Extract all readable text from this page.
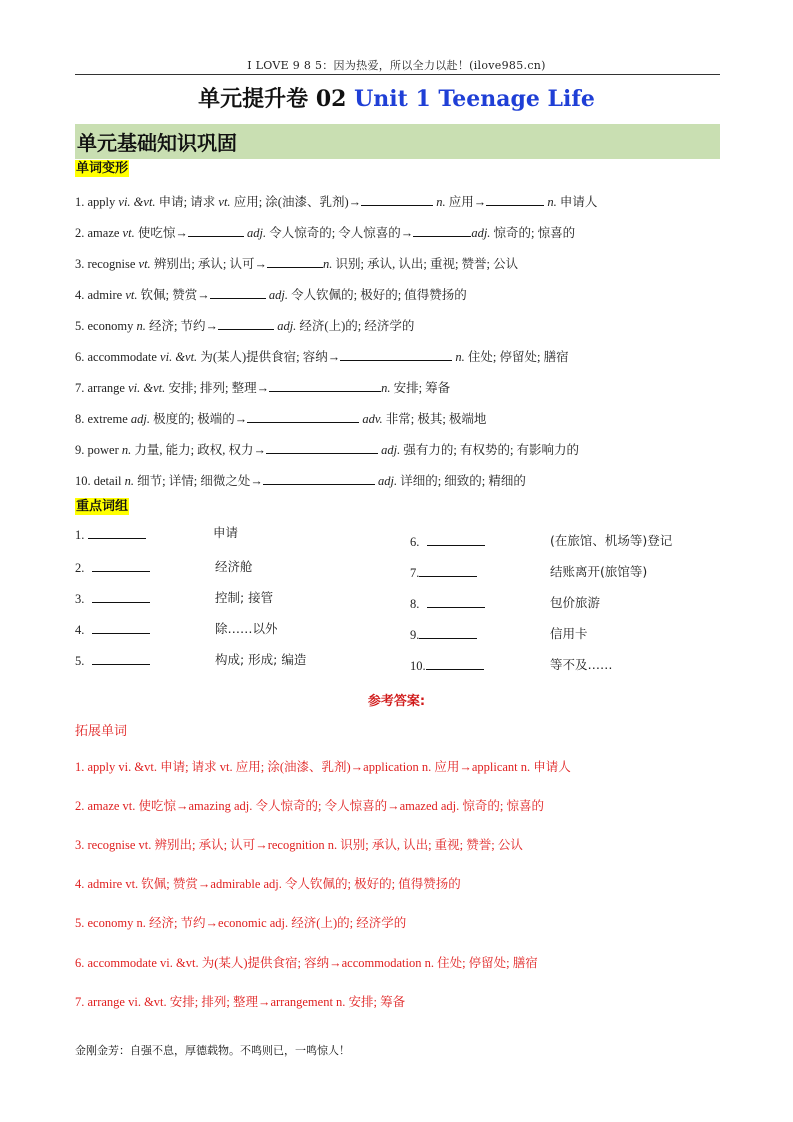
I LOVE 9 8 5：因为热爱，所以全力以赴！(ilove985.cn)
单元提升卷 02 Unit 1 Teenage Life
单元基础知识巩固
单词变形
1. apply vi. &vt. 申请; 请求 vt. 应用; 涂(油漆、乳剂)→	n. 应用→	n. 申请人
2. amaze vt. 使吃惊→	adj. 令人惊奇的; 令人惊喜的→	adj. 惊奇的; 惊喜的
3. recognise vt. 辨别出; 承认; 认可→	n. 识别; 承认, 认出; 重视; 赞誉; 公认
4. admire vt. 钦佩; 赞赏→	adj. 令人钦佩的; 极好的; 值得赞扬的
5. economy n. 经济; 节约→	adj. 经济(上)的; 经济学的
6. accommodate vi. &vt. 为(某人)提供食宿; 容纳→	n. 住处; 停留处; 膳宿
7. arrange vi. &vt. 安排; 排列; 整理→	n. 安排; 筹备
8. extreme adj. 极度的; 极端的→	adv. 非常; 极其; 极端地
9. power n. 力量, 能力; 政权, 权力→	adj. 强有力的; 有权势的; 有影响力的
10. detail n. 细节; 详情; 细微之处→	adj. 详细的; 细致的; 精细的
重点词组
1.	申请
2.	经济舱
3.	控制; 接管
4.	除……以外
5.	构成; 形成; 编造
6.	(在旅馆、机场等)登记
7.	结账离开(旅馆等)
8.	包价旅游
9.	信用卡
10.	等不及……
参考答案:
拓展单词
1. apply vi. &vt. 申请; 请求 vt. 应用; 涂(油漆、乳剂)→application n. 应用→applicant n. 申请人
2. amaze vt. 使吃惊→amazing adj. 令人惊奇的; 令人惊喜的→amazed adj. 惊奇的; 惊喜的
3. recognise vt. 辨别出; 承认; 认可→recognition n. 识别; 承认, 认出; 重视; 赞誉; 公认
4. admire vt. 钦佩; 赞赏→admirable adj. 令人钦佩的; 极好的; 值得赞扬的
5. economy n. 经济; 节约→economic adj. 经济(上)的; 经济学的
6. accommodate vi. &vt. 为(某人)提供食宿; 容纳→accommodation n. 住处; 停留处; 膳宿
7. arrange vi. &vt. 安排; 排列; 整理→arrangement n. 安排; 筹备
金刚金芳：自强不息，厚德载物。不鸣则已，一鸣惊人！
